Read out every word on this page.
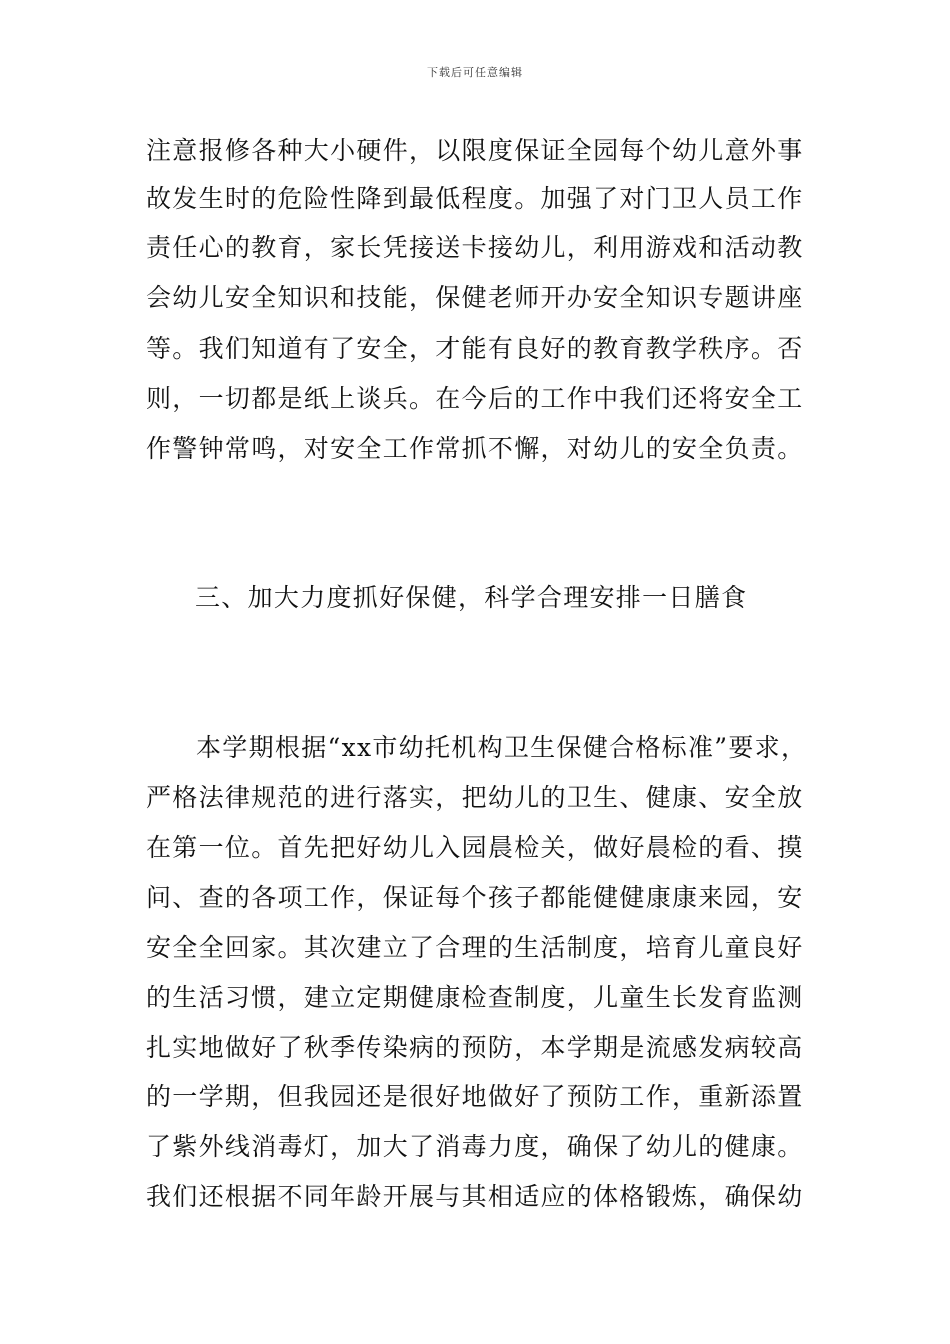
下载后可任意编辑
注意报修各种大小硬件，以限度保证全园每个幼儿意外事
故发生时的危险性降到最低程度。加强了对门卫人员工作
责任心的教育，家长凭接送卡接幼儿，利用游戏和活动教
会幼儿安全知识和技能，保健老师开办安全知识专题讲座
等。我们知道有了安全，才能有良好的教育教学秩序。否
则，一切都是纸上谈兵。在今后的工作中我们还将安全工
作警钟常鸣，对安全工作常抓不懈，对幼儿的安全负责。
三、加大力度抓好保健，科学合理安排一日膳食
本学期根据“xx市幼托机构卫生保健合格标准”要求，
严格法律规范的进行落实，把幼儿的卫生、健康、安全放
在第一位。首先把好幼儿入园晨检关，做好晨检的看、摸
问、查的各项工作，保证每个孩子都能健健康康来园，安
安全全回家。其次建立了合理的生活制度，培育儿童良好
的生活习惯，建立定期健康检查制度，儿童生长发育监测
扎实地做好了秋季传染病的预防，本学期是流感发病较高
的一学期，但我园还是很好地做好了预防工作，重新添置
了紫外线消毒灯，加大了消毒力度，确保了幼儿的健康。
我们还根据不同年龄开展与其相适应的体格锻炼，确保幼
